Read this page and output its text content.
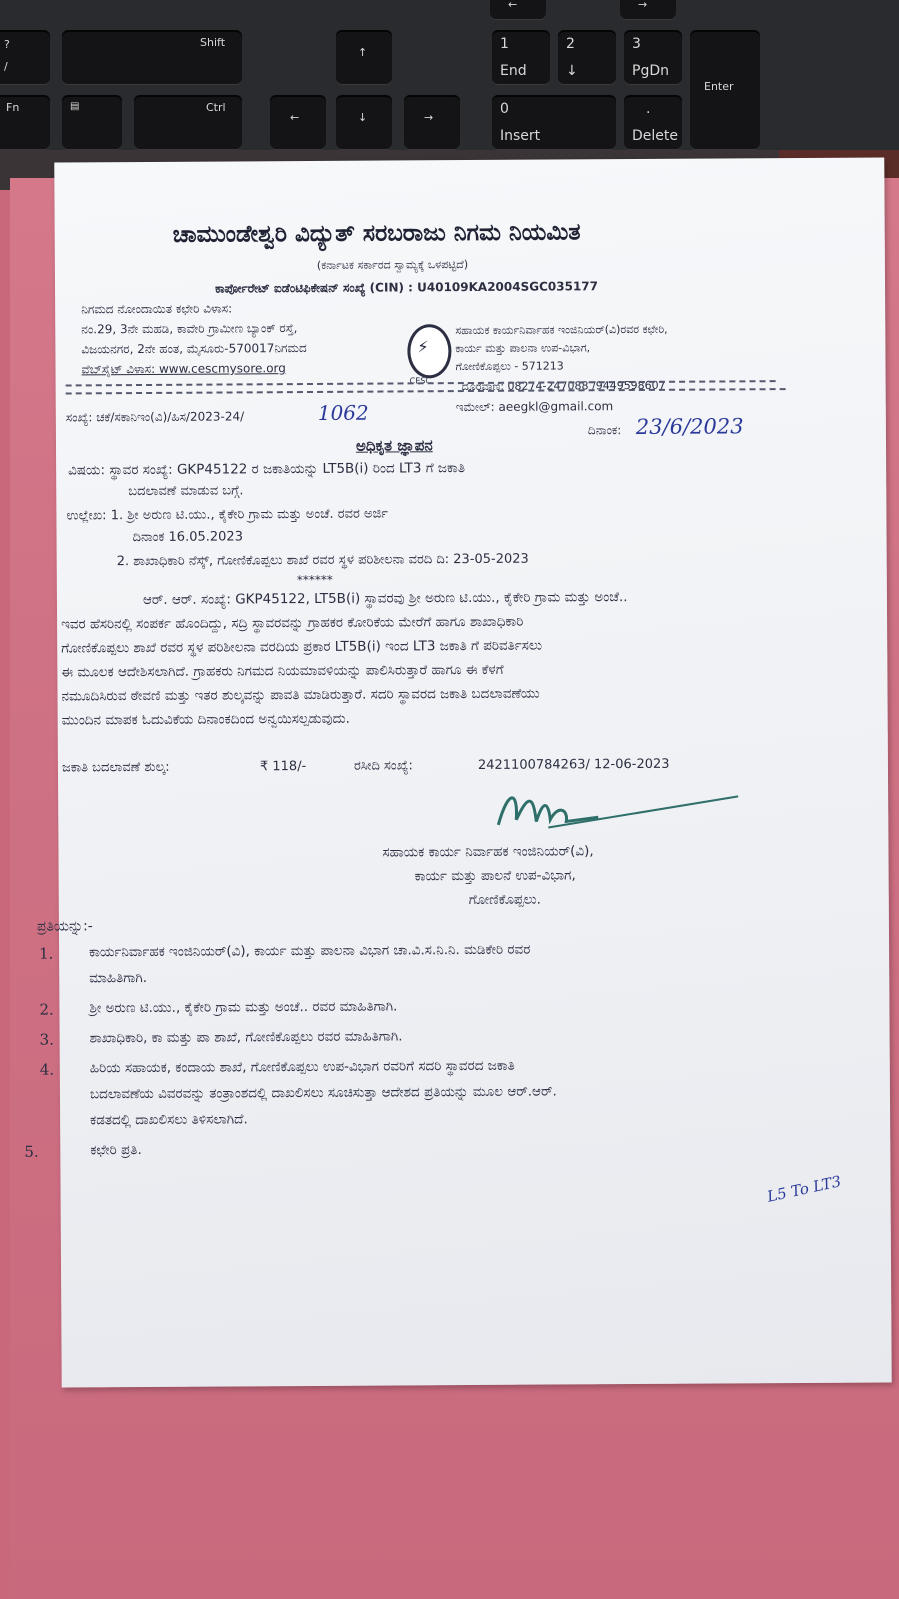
Fn
?
/
Shift
▤	Ctrl
↑
←	↓	→
←	→
1
End
2
↓
3
PgDn
0
Insert
.
Delete
Enter
ಚಾಮುಂಡೇಶ್ವರಿ ವಿದ್ಯುತ್ ಸರಬರಾಜು ನಿಗಮ ನಿಯಮಿತ
(ಕರ್ನಾಟಕ ಸರ್ಕಾರದ ಸ್ವಾಮ್ಯಕ್ಕೆ ಒಳಪಟ್ಟಿದೆ)
ಕಾರ್ಪೋರೇಟ್ ಐಡೆಂಟಿಫಿಕೇಷನ್ ಸಂಖ್ಯೆ (CIN) : U40109KA2004SGC035177
ನಿಗಮದ ನೋಂದಾಯಿತ ಕಛೇರಿ ವಿಳಾಸ:
ನಂ.29, 3ನೇ ಮಹಡಿ, ಕಾವೇರಿ ಗ್ರಾಮೀಣ ಬ್ಯಾಂಕ್ ರಸ್ತೆ,
ವಿಜಯನಗರ, 2ನೇ ಹಂತ, ಮೈಸೂರು-570017ನಿಗಮದ
ವೆಬ್‌ಸೈಟ್ ವಿಳಾಸ: www.cescmysore.org
⚡
CESC
ಸಹಾಯಕ ಕಾರ್ಯನಿರ್ವಾಹಕ ಇಂಜಿನಿಯರ್(ವಿ)ರವರ ಕಛೇರಿ,
ಕಾರ್ಯ ಮತ್ತು ಪಾಲನಾ ಉಪ-ವಿಭಾಗ,
ಗೋಣಿಕೊಪ್ಪಲು - 571213
ದೂರವಾಣಿ: 08274-247088 /9449598607
ಇಮೇಲ್: aeegkl@gmail.com
ಸಂಖ್ಯೆ: ಚಕೆ/ಸಕಾನಿಇಂ(ವಿ)/ಹಿಸ/2023-24/	1062
ದಿನಾಂಕ: 23/6/2023
ಅಧಿಕೃತ ಜ್ಞಾಪನ
ವಿಷಯ: ಸ್ಥಾವರ ಸಂಖ್ಯೆ: GKP45122 ರ ಜಕಾತಿಯನ್ನು LT5B(i) ರಿಂದ LT3 ಗೆ ಜಕಾತಿ
ಬದಲಾವಣೆ ಮಾಡುವ ಬಗ್ಗೆ.
ಉಲ್ಲೇಖ: 1. ಶ್ರೀ ಅರುಣ ಟಿ.ಯು., ಕೈಕೇರಿ ಗ್ರಾಮ ಮತ್ತು ಅಂಚೆ. ರವರ ಅರ್ಜಿ
ದಿನಾಂಕ 16.05.2023
2. ಶಾಖಾಧಿಕಾರಿ ನೆಸ್ಕ್, ಗೋಣಿಕೊಪ್ಪಲು ಶಾಖೆ ರವರ ಸ್ಥಳ ಪರಿಶೀಲನಾ ವರದಿ ದಿ: 23-05-2023
******
ಆರ್. ಆರ್. ಸಂಖ್ಯೆ: GKP45122, LT5B(i) ಸ್ಥಾವರವು ಶ್ರೀ ಅರುಣ ಟಿ.ಯು., ಕೈಕೇರಿ ಗ್ರಾಮ ಮತ್ತು ಅಂಚೆ..
ಇವರ ಹೆಸರಿನಲ್ಲಿ ಸಂಪರ್ಕ ಹೊಂದಿದ್ದು, ಸದ್ರಿ ಸ್ಥಾವರವನ್ನು ಗ್ರಾಹಕರ ಕೋರಿಕೆಯ ಮೇರೆಗೆ ಹಾಗೂ ಶಾಖಾಧಿಕಾರಿ
ಗೋಣಿಕೊಪ್ಪಲು ಶಾಖೆ ರವರ ಸ್ಥಳ ಪರಿಶೀಲನಾ ವರದಿಯ ಪ್ರಕಾರ LT5B(i) ಇಂದ LT3 ಜಕಾತಿ ಗೆ ಪರಿವರ್ತಿಸಲು
ಈ ಮೂಲಕ ಆದೇಶಿಸಲಾಗಿದೆ. ಗ್ರಾಹಕರು ನಿಗಮದ ನಿಯಮಾವಳಿಯನ್ನು ಪಾಲಿಸಿರುತ್ತಾರೆ ಹಾಗೂ ಈ ಕೆಳಗೆ
ನಮೂದಿಸಿರುವ ಠೇವಣಿ ಮತ್ತು ಇತರ ಶುಲ್ಕವನ್ನು ಪಾವತಿ ಮಾಡಿರುತ್ತಾರೆ. ಸದರಿ ಸ್ಥಾವರದ ಜಕಾತಿ ಬದಲಾವಣೆಯು
ಮುಂದಿನ ಮಾಪಕ ಓದುವಿಕೆಯ ದಿನಾಂಕದಿಂದ ಅನ್ವಯಿಸಲ್ಪಡುವುದು.
ಜಕಾತಿ ಬದಲಾವಣೆ ಶುಲ್ಕ:	₹ 118/-	ರಸೀದಿ ಸಂಖ್ಯೆ:	2421100784263/ 12-06-2023
ಸಹಾಯಕ ಕಾರ್ಯ ನಿರ್ವಾಹಕ ಇಂಜಿನಿಯರ್(ವಿ),
ಕಾರ್ಯ ಮತ್ತು ಪಾಲನೆ ಉಪ-ವಿಭಾಗ,
ಗೋಣಿಕೊಪ್ಪಲು.
ಪ್ರತಿಯನ್ನು:-
1.	ಕಾರ್ಯನಿರ್ವಾಹಕ ಇಂಜಿನಿಯರ್(ವಿ), ಕಾರ್ಯ ಮತ್ತು ಪಾಲನಾ ವಿಭಾಗ ಚಾ.ವಿ.ಸ.ನಿ.ನಿ. ಮಡಿಕೇರಿ ರವರ
ಮಾಹಿತಿಗಾಗಿ.
2.	ಶ್ರೀ ಅರುಣ ಟಿ.ಯು., ಕೈಕೇರಿ ಗ್ರಾಮ ಮತ್ತು ಅಂಚೆ.. ರವರ ಮಾಹಿತಿಗಾಗಿ.
3.	ಶಾಖಾಧಿಕಾರಿ, ಕಾ ಮತ್ತು ಪಾ ಶಾಖೆ, ಗೋಣಿಕೊಪ್ಪಲು ರವರ ಮಾಹಿತಿಗಾಗಿ.
4.	ಹಿರಿಯ ಸಹಾಯಕ, ಕಂದಾಯ ಶಾಖೆ, ಗೋಣಿಕೊಪ್ಪಲು ಉಪ-ವಿಭಾಗ ರವರಿಗೆ ಸದರಿ ಸ್ಥಾವರದ ಜಕಾತಿ
ಬದಲಾವಣೆಯ ವಿವರವನ್ನು ತಂತ್ರಾಂಶದಲ್ಲಿ ದಾಖಲಿಸಲು ಸೂಚಿಸುತ್ತಾ ಆದೇಶದ ಪ್ರತಿಯನ್ನು ಮೂಲ ಆರ್.ಆರ್.
ಕಡತದಲ್ಲಿ ದಾಖಲಿಸಲು ತಿಳಿಸಲಾಗಿದೆ.
5.	ಕಛೇರಿ ಪ್ರತಿ.
L5 To LT3
